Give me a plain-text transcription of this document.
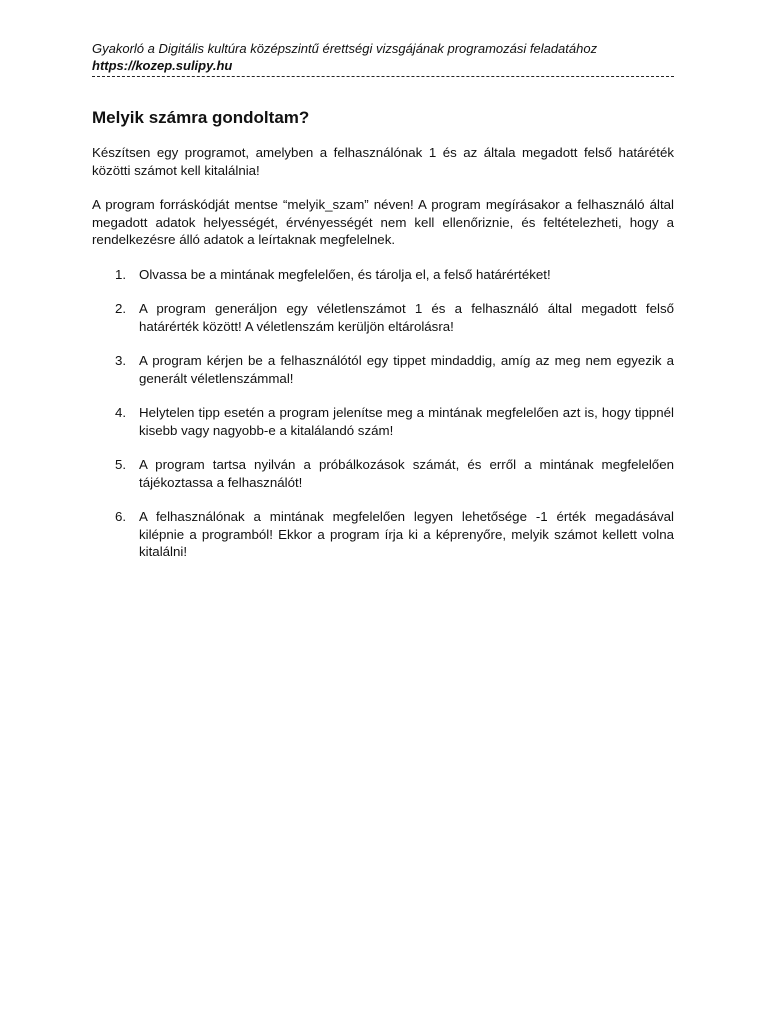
Gyakorló a Digitális kultúra középszintű érettségi vizsgájának programozási feladatához
https://kozep.sulipy.hu
Melyik számra gondoltam?

Készítsen egy programot, amelyben a felhasználónak 1 és az általa megadott felső határéték közötti számot kell kitalálnia!

A program forráskódját mentse “melyik_szam” néven! A program megírásakor a felhasználó által megadott adatok helyességét, érvényességét nem kell ellenőriznie, és feltételezheti, hogy a rendelkezésre álló adatok a leírtaknak megfelelnek.

1. Olvassa be a mintának megfelelően, és tárolja el, a felső határértéket!
2. A program generáljon egy véletlenszámot 1 és a felhasználó által megadott felső határérték között! A véletlenszám kerüljön eltárolásra!
3. A program kérjen be a felhasználótól egy tippet mindaddig, amíg az meg nem egyezik a generált véletlenszámmal!
4. Helytelen tipp esetén a program jelenítse meg a mintának megfelelően azt is, hogy tippnél kisebb vagy nagyobb-e a kitalálandó szám!
5. A program tartsa nyilván a próbálkozások számát, és erről a mintának megfelelően tájékoztassa a felhasználót!
6. A felhasználónak a mintának megfelelően legyen lehetősége -1 érték megadásával kilépnie a programból! Ekkor a program írja ki a képrenyőre, melyik számot kellett volna kitalálni!
